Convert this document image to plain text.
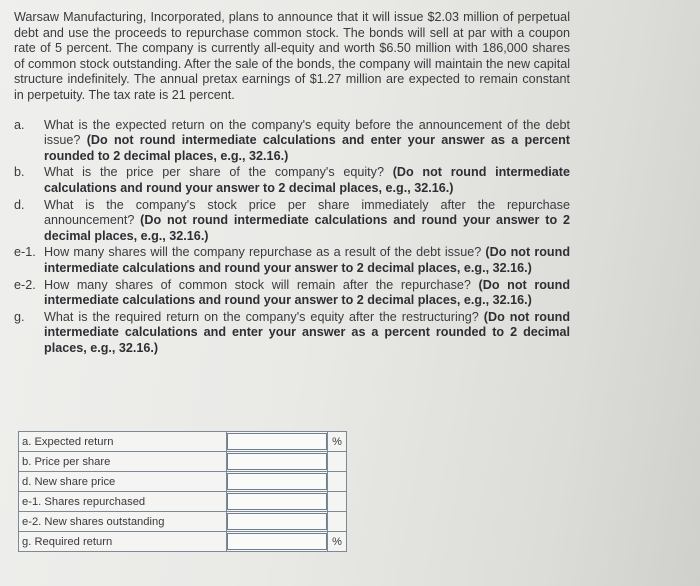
Warsaw Manufacturing, Incorporated, plans to announce that it will issue $2.03 million of perpetual debt and use the proceeds to repurchase common stock. The bonds will sell at par with a coupon rate of 5 percent. The company is currently all-equity and worth $6.50 million with 186,000 shares of common stock outstanding. After the sale of the bonds, the company will maintain the new capital structure indefinitely. The annual pretax earnings of $1.27 million are expected to remain constant in perpetuity. The tax rate is 21 percent.

a.	What is the expected return on the company's equity before the announcement of the debt issue? (Do not round intermediate calculations and enter your answer as a percent rounded to 2 decimal places, e.g., 32.16.)
b.	What is the price per share of the company's equity? (Do not round intermediate calculations and round your answer to 2 decimal places, e.g., 32.16.)
d.	What is the company's stock price per share immediately after the repurchase announcement? (Do not round intermediate calculations and round your answer to 2 decimal places, e.g., 32.16.)
e-1. How many shares will the company repurchase as a result of the debt issue? (Do not round intermediate calculations and round your answer to 2 decimal places, e.g., 32.16.)
e-2. How many shares of common stock will remain after the repurchase? (Do not round intermediate calculations and round your answer to 2 decimal places, e.g., 32.16.)
g.	What is the required return on the company's equity after the restructuring? (Do not round intermediate calculations and enter your answer as a percent rounded to 2 decimal places, e.g., 32.16.)
a. Expected return		%
b. Price per share	

d. New share price	

e-1. Shares repurchased	

e-2. New shares outstanding	

g. Required return		%
